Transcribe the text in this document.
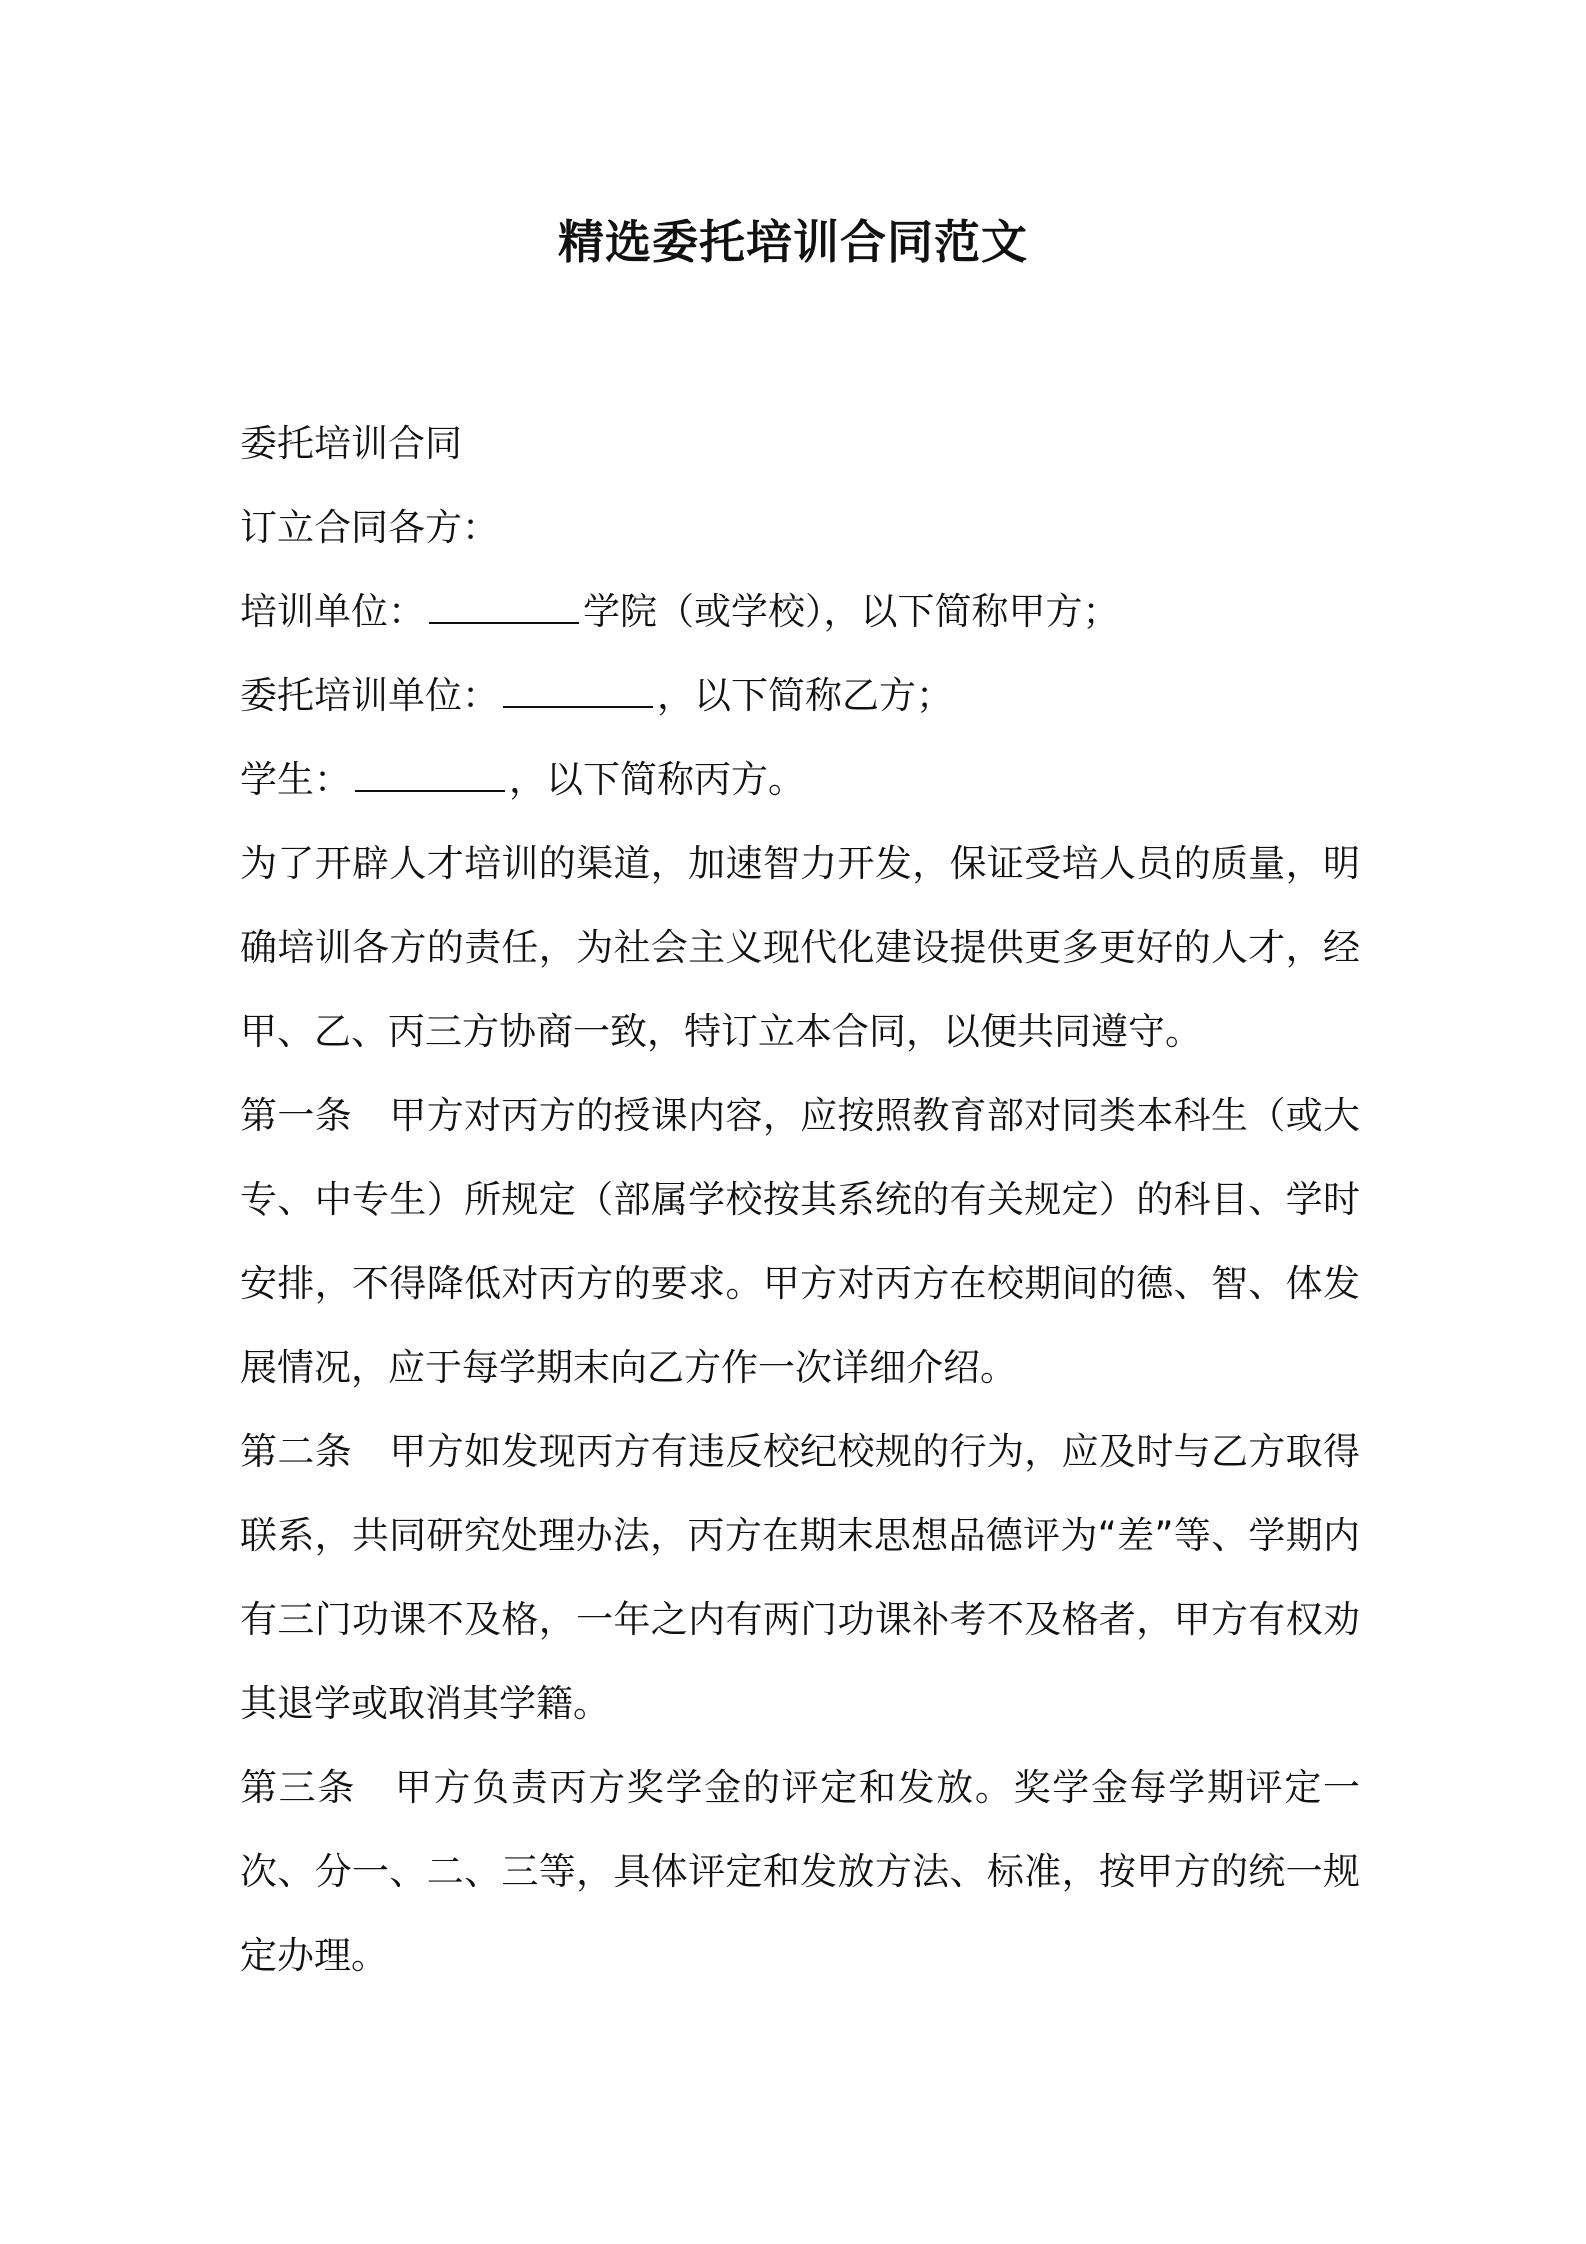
精选委托培训合同范文

委托培训合同

订立合同各方：

培训单位：	学院（或学校），以下简称甲方；

委托培训单位：	，以下简称乙方；

学生：	，以下简称丙方。

为了开辟人才培训的渠道，加速智力开发，保证受培人员的质量，明确培训各方的责任，为社会主义现代化建设提供更多更好的人才，经甲、乙、丙三方协商一致，特订立本合同，以便共同遵守。

第一条  甲方对丙方的授课内容，应按照教育部对同类本科生（或大专、中专生）所规定（部属学校按其系统的有关规定）的科目、学时安排，不得降低对丙方的要求。甲方对丙方在校期间的德、智、体发展情况，应于每学期末向乙方作一次详细介绍。

第二条  甲方如发现丙方有违反校纪校规的行为，应及时与乙方取得联系，共同研究处理办法，丙方在期末思想品德评为“差”等、学期内有三门功课不及格，一年之内有两门功课补考不及格者，甲方有权劝其退学或取消其学籍。

第三条  甲方负责丙方奖学金的评定和发放。奖学金每学期评定一次、分一、二、三等，具体评定和发放方法、标准，按甲方的统一规定办理。
